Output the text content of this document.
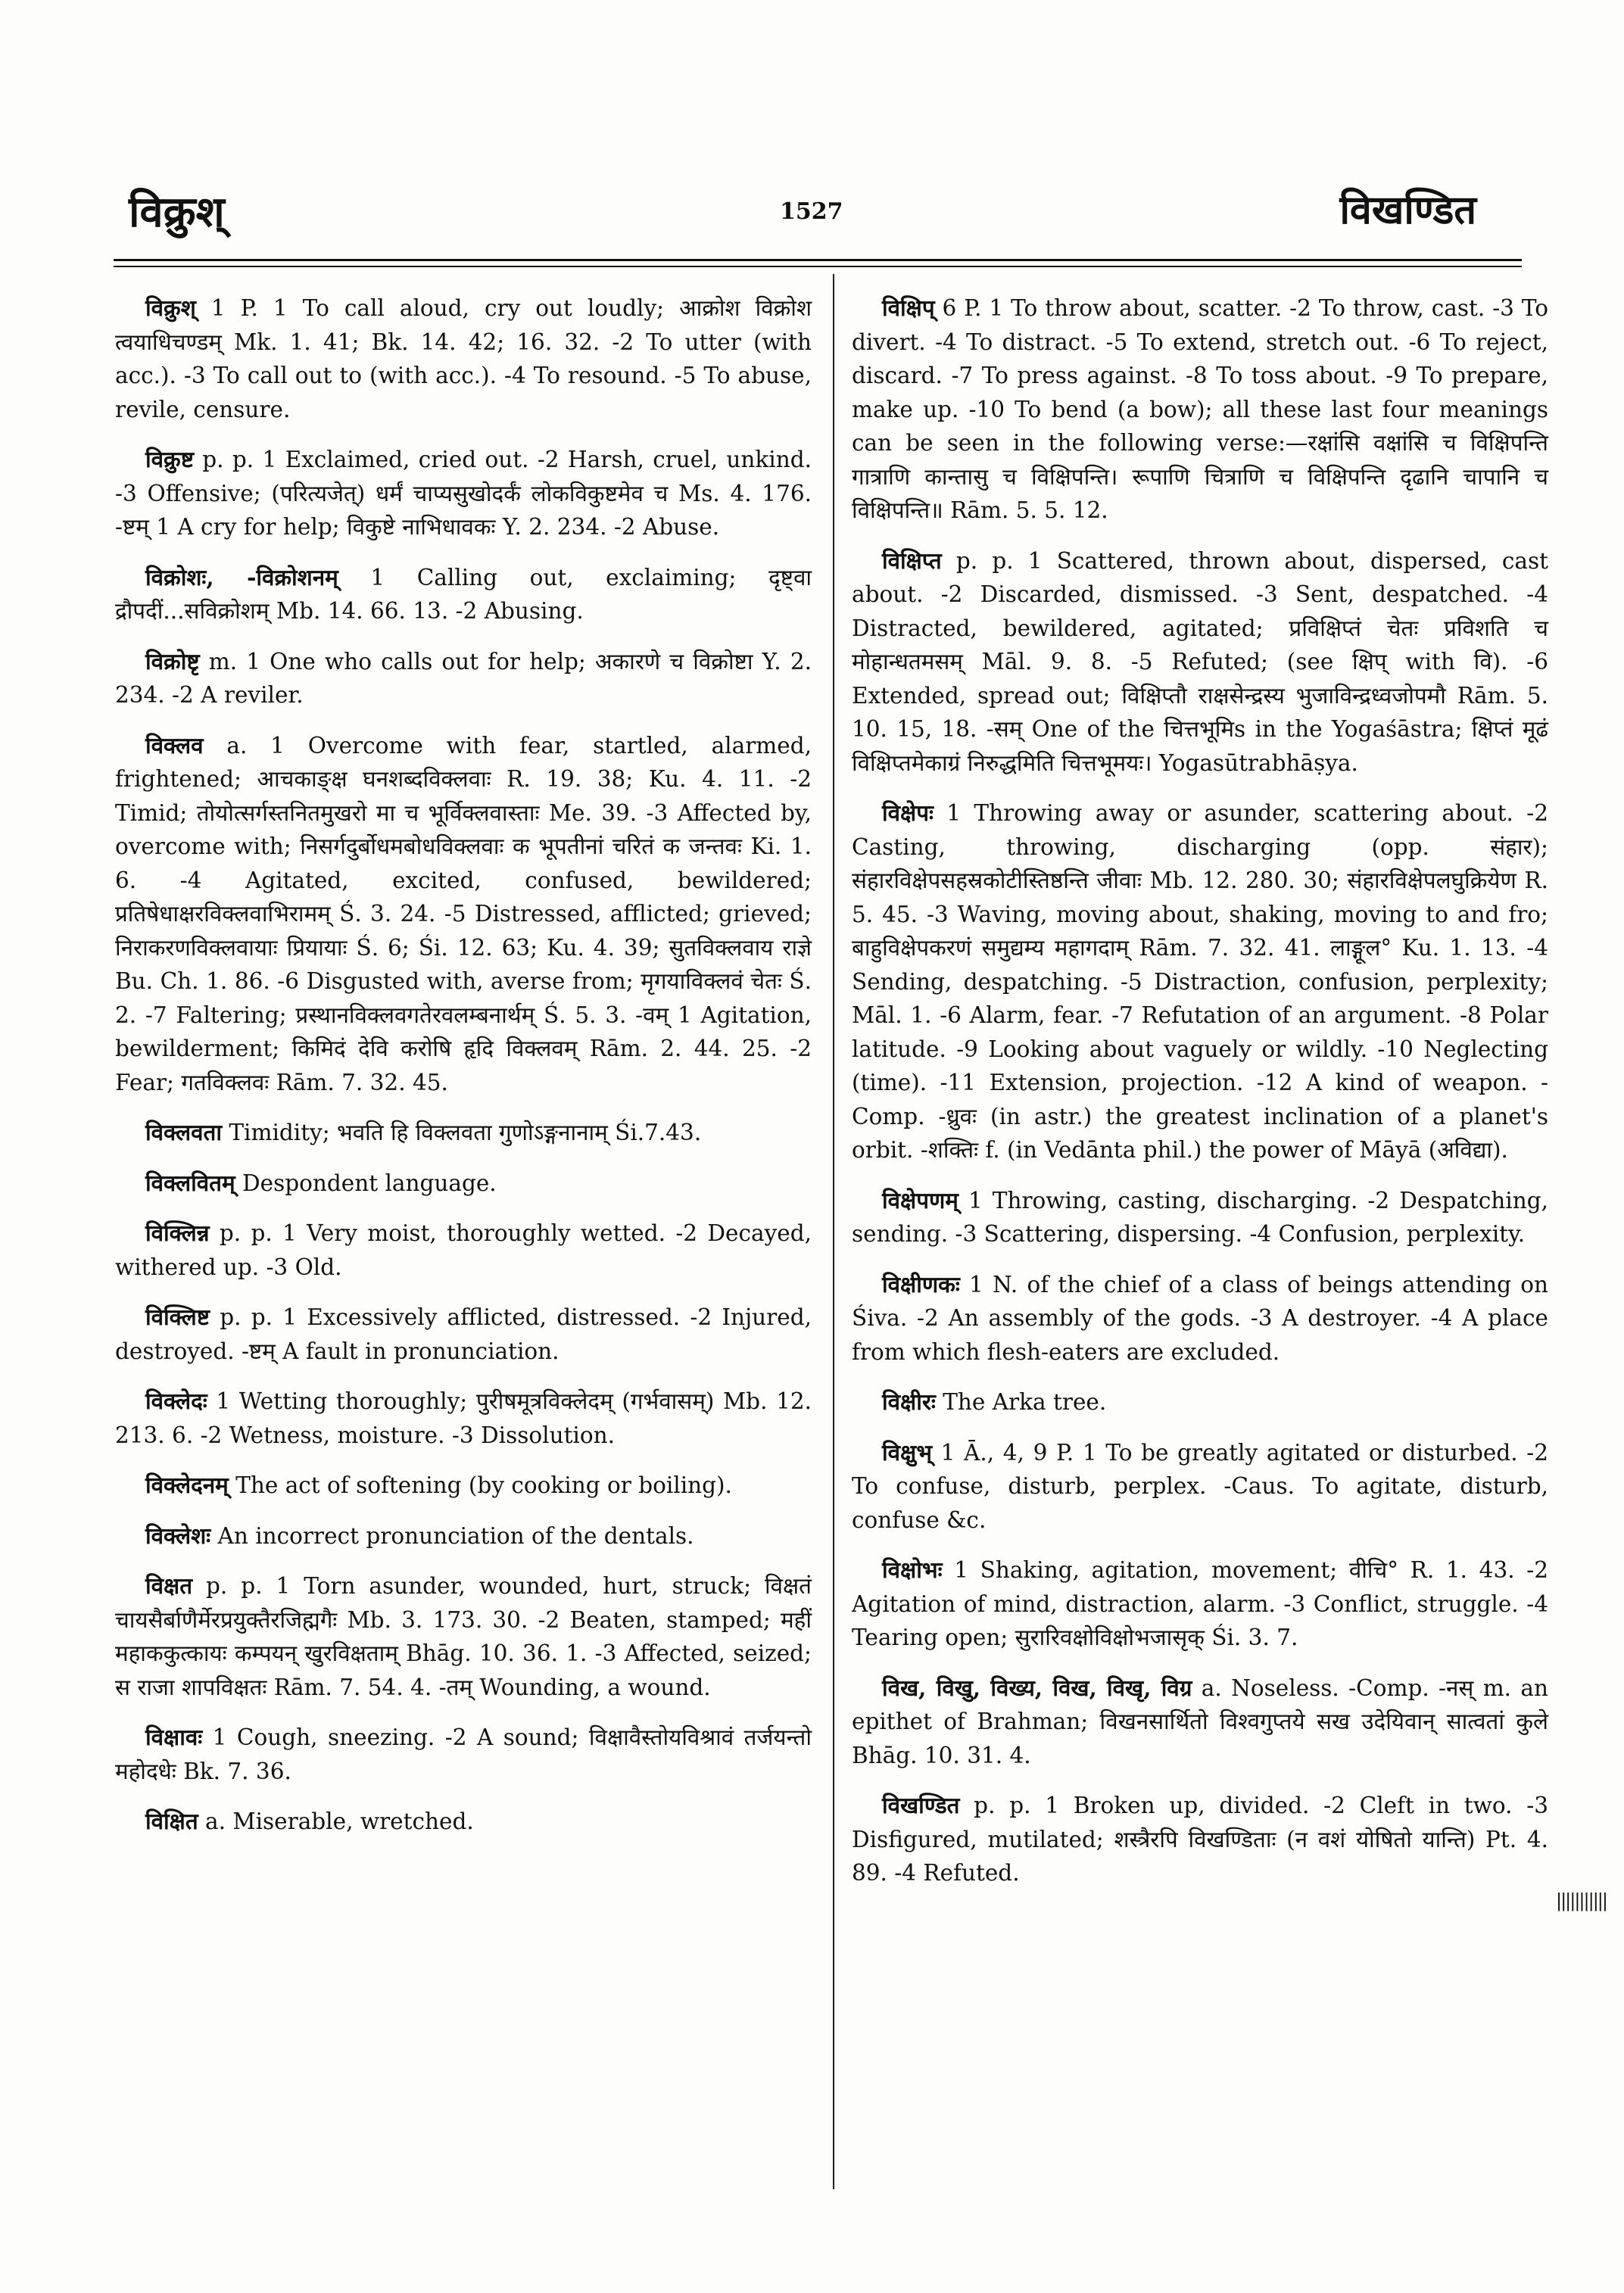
विक्रुश्	1527	विखण्डित

विक्रुश् 1 P. 1 To call aloud, cry out loudly; आक्रोश विक्रोश त्वयाधिचण्डम् Mk. 1. 41; Bk. 14. 42; 16. 32. -2 To utter (with acc.). -3 To call out to (with acc.). -4 To resound. -5 To abuse, revile, censure.

विक्रुष्ट p. p. 1 Exclaimed, cried out. -2 Harsh, cruel, unkind. -3 Offensive; (परित्यजेत्) धर्मं चाप्यसुखोदर्कं लोकविकुष्टमेव च Ms. 4. 176. -ष्टम् 1 A cry for help; विकुष्टे नाभिधावकः Y. 2. 234. -2 Abuse.

विक्रोशः, -विक्रोशनम् 1 Calling out, exclaiming; दृष्ट्वा द्रौपदीं...सविक्रोशम् Mb. 14. 66. 13. -2 Abusing.

विक्रोष्टृ m. 1 One who calls out for help; अकारणे च विक्रोष्टा Y. 2. 234. -2 A reviler.

विक्लव a. 1 Overcome with fear, startled, alarmed, frightened; आचकाङ्क्ष घनशब्दविक्लवाः R. 19. 38; Ku. 4. 11. -2 Timid; तोयोत्सर्गस्तनितमुखरो मा च भूर्विक्लवास्ताः Me. 39. -3 Affected by, overcome with; निसर्गदुर्बोधमबोधविक्लवाः क भूपतीनां चरितं क जन्तवः Ki. 1. 6. -4 Agitated, excited, confused, bewildered; प्रतिषेधाक्षरविक्लवाभिरामम् Ś. 3. 24. -5 Distressed, afflicted; grieved; निराकरणविक्लवायाः प्रियायाः Ś. 6; Śi. 12. 63; Ku. 4. 39; सुतविक्लवाय राज्ञे Bu. Ch. 1. 86. -6 Disgusted with, averse from; मृगयाविक्लवं चेतः Ś. 2. -7 Faltering; प्रस्थानविक्लवगतेरवलम्बनार्थम् Ś. 5. 3. -वम् 1 Agitation, bewilderment; किमिदं देवि करोषि हृदि विक्लवम् Rām. 2. 44. 25. -2 Fear; गतविक्लवः Rām. 7. 32. 45.

विक्लवता Timidity; भवति हि विक्लवता गुणोऽङ्गनानाम् Śi.7.43.

विक्लवितम् Despondent language.

विक्लिन्न p. p. 1 Very moist, thoroughly wetted. -2 Decayed, withered up. -3 Old.

विक्लिष्ट p. p. 1 Excessively afflicted, distressed. -2 Injured, destroyed. -ष्टम् A fault in pronunciation.

विक्लेदः 1 Wetting thoroughly; पुरीषमूत्रविक्लेदम् (गर्भवासम्) Mb. 12. 213. 6. -2 Wetness, moisture. -3 Dissolution.

विक्लेदनम् The act of softening (by cooking or boiling).

विक्लेशः An incorrect pronunciation of the dentals.

विक्षत p. p. 1 Torn asunder, wounded, hurt, struck; विक्षतं चायसैर्बाणैर्मेरप्रयुक्तैरजिह्मगैः Mb. 3. 173. 30. -2 Beaten, stamped; महीं महाककुत्कायः कम्पयन् खुरविक्षताम् Bhāg. 10. 36. 1. -3 Affected, seized; स राजा शापविक्षतः Rām. 7. 54. 4. -तम् Wounding, a wound.

विक्षावः 1 Cough, sneezing. -2 A sound; विक्षावैस्तोयविश्रावं तर्जयन्तो महोदधेः Bk. 7. 36.

विक्षित a. Miserable, wretched.

विक्षिप् 6 P. 1 To throw about, scatter. -2 To throw, cast. -3 To divert. -4 To distract. -5 To extend, stretch out. -6 To reject, discard. -7 To press against. -8 To toss about. -9 To prepare, make up. -10 To bend (a bow); all these last four meanings can be seen in the following verse:—रक्षांसि वक्षांसि च विक्षिपन्ति गात्राणि कान्तासु च विक्षिपन्ति। रूपाणि चित्राणि च विक्षिपन्ति दृढानि चापानि च विक्षिपन्ति॥ Rām. 5. 5. 12.

विक्षिप्त p. p. 1 Scattered, thrown about, dispersed, cast about. -2 Discarded, dismissed. -3 Sent, despatched. -4 Distracted, bewildered, agitated; प्रविक्षिप्तं चेतः प्रविशति च मोहान्धतमसम् Māl. 9. 8. -5 Refuted; (see क्षिप् with वि). -6 Extended, spread out; विक्षिप्तौ राक्षसेन्द्रस्य भुजाविन्द्रध्वजोपमौ Rām. 5. 10. 15, 18. -सम् One of the चित्तभूमिs in the Yogaśāstra; क्षिप्तं मूढं विक्षिप्तमेकाग्रं निरुद्धमिति चित्तभूमयः। Yogasūtrabhāṣya.

विक्षेपः 1 Throwing away or asunder, scattering about. -2 Casting, throwing, discharging (opp. संहार); संहारविक्षेपसहस्रकोटीस्तिष्ठन्ति जीवाः Mb. 12. 280. 30; संहारविक्षेपलघुक्रियेण R. 5. 45. -3 Waving, moving about, shaking, moving to and fro; बाहुविक्षेपकरणं समुद्यम्य महागदाम् Rām. 7. 32. 41. लाङ्गूल° Ku. 1. 13. -4 Sending, despatching. -5 Distraction, confusion, perplexity; Māl. 1. -6 Alarm, fear. -7 Refutation of an argument. -8 Polar latitude. -9 Looking about vaguely or wildly. -10 Neglecting (time). -11 Extension, projection. -12 A kind of weapon. -Comp. -ध्रुवः (in astr.) the greatest inclination of a planet's orbit. -शक्तिः f. (in Vedānta phil.) the power of Māyā (अविद्या).

विक्षेपणम् 1 Throwing, casting, discharging. -2 Despatching, sending. -3 Scattering, dispersing. -4 Confusion, perplexity.

विक्षीणकः 1 N. of the chief of a class of beings attending on Śiva. -2 An assembly of the gods. -3 A destroyer. -4 A place from which flesh-eaters are excluded.

विक्षीरः The Arka tree.

विक्षुभ् 1 Ā., 4, 9 P. 1 To be greatly agitated or disturbed. -2 To confuse, disturb, perplex. -Caus. To agitate, disturb, confuse &c.

विक्षोभः 1 Shaking, agitation, movement; वीचि° R. 1. 43. -2 Agitation of mind, distraction, alarm. -3 Conflict, struggle. -4 Tearing open; सुरारिवक्षोविक्षोभजासृक् Śi. 3. 7.

विख, विखु, विख्य, विख, विखृ, विग्र a. Noseless. -Comp. -नस् m. an epithet of Brahman; विखनसार्थितो विश्वगुप्तये सख उदेयिवान् सात्वतां कुले Bhāg. 10. 31. 4.

विखण्डित p. p. 1 Broken up, divided. -2 Cleft in two. -3 Disfigured, mutilated; शस्त्रैरपि विखण्डिताः (न वशं योषितो यान्ति) Pt. 4. 89. -4 Refuted.

|||||||||||
